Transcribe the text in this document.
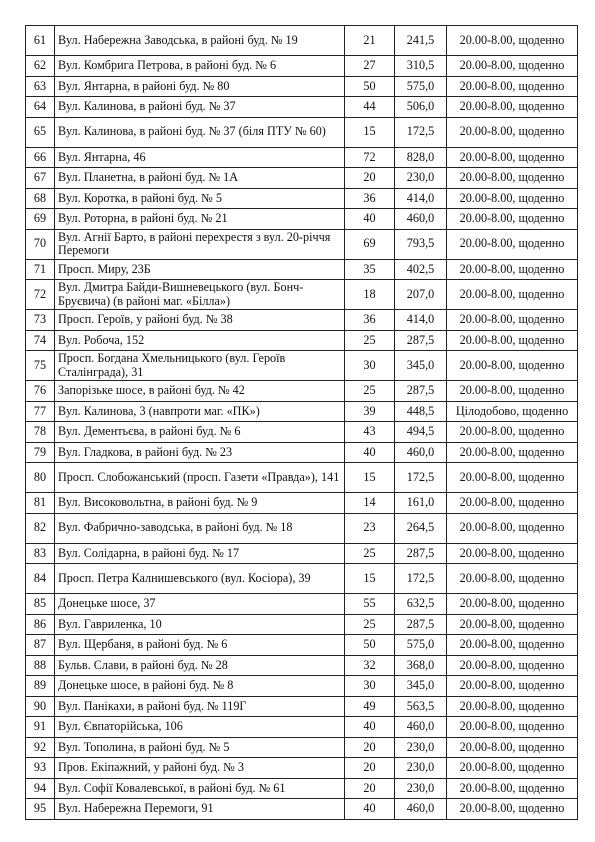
61	Вул. Набережна Заводська, в районі буд. № 19	21	241,5	20.00-8.00, щоденно
62	Вул. Комбрига Петрова, в районі буд. № 6	27	310,5	20.00-8.00, щоденно
63	Вул. Янтарна, в районі буд. № 80	50	575,0	20.00-8.00, щоденно
64	Вул. Калинова, в районі буд. № 37	44	506,0	20.00-8.00, щоденно
65	Вул. Калинова, в районі буд. № 37 (біля ПТУ № 60)	15	172,5	20.00-8.00, щоденно
66	Вул. Янтарна, 46	72	828,0	20.00-8.00, щоденно
67	Вул. Планетна, в районі буд. № 1А	20	230,0	20.00-8.00, щоденно
68	Вул. Коротка, в районі буд. № 5	36	414,0	20.00-8.00, щоденно
69	Вул. Роторна, в районі буд. № 21	40	460,0	20.00-8.00, щоденно
70	Вул. Агнії Барто, в районі перехрестя з вул. 20-річчя Перемоги	69	793,5	20.00-8.00, щоденно
71	Просп. Миру, 23Б	35	402,5	20.00-8.00, щоденно
72	Вул. Дмитра Байди-Вишневецького (вул. Бонч-Бруєвича) (в районі маг. «Білла»)	18	207,0	20.00-8.00, щоденно
73	Просп. Героїв, у районі буд. № 38	36	414,0	20.00-8.00, щоденно
74	Вул. Робоча, 152	25	287,5	20.00-8.00, щоденно
75	Просп. Богдана Хмельницького (вул. Героїв Сталінграда), 31	30	345,0	20.00-8.00, щоденно
76	Запорізьке шосе, в районі буд. № 42	25	287,5	20.00-8.00, щоденно
77	Вул. Калинова, 3 (навпроти маг. «ПК»)	39	448,5	Цілодобово, щоденно
78	Вул. Дементьєва, в районі буд. № 6	43	494,5	20.00-8.00, щоденно
79	Вул. Гладкова, в районі буд. № 23	40	460,0	20.00-8.00, щоденно
80	Просп. Слобожанський (просп. Газети «Правда»), 141	15	172,5	20.00-8.00, щоденно
81	Вул. Високовольтна, в районі буд. № 9	14	161,0	20.00-8.00, щоденно
82	Вул. Фабрично-заводська, в районі буд. № 18	23	264,5	20.00-8.00, щоденно
83	Вул. Солідарна, в районі буд. № 17	25	287,5	20.00-8.00, щоденно
84	Просп. Петра Калнишевського (вул. Косіора), 39	15	172,5	20.00-8.00, щоденно
85	Донецьке шосе, 37	55	632,5	20.00-8.00, щоденно
86	Вул. Гавриленка, 10	25	287,5	20.00-8.00, щоденно
87	Вул. Щербаня, в районі буд. № 6	50	575,0	20.00-8.00, щоденно
88	Бульв. Слави, в районі буд. № 28	32	368,0	20.00-8.00, щоденно
89	Донецьке шосе, в районі буд. № 8	30	345,0	20.00-8.00, щоденно
90	Вул. Панікахи, в районі буд. № 119Г	49	563,5	20.00-8.00, щоденно
91	Вул. Євпаторійська, 106	40	460,0	20.00-8.00, щоденно
92	Вул. Тополина, в районі буд. № 5	20	230,0	20.00-8.00, щоденно
93	Пров. Екіпажний, у районі буд. № 3	20	230,0	20.00-8.00, щоденно
94	Вул. Софії Ковалевської, в районі буд. № 61	20	230,0	20.00-8.00, щоденно
95	Вул. Набережна Перемоги, 91	40	460,0	20.00-8.00, щоденно
